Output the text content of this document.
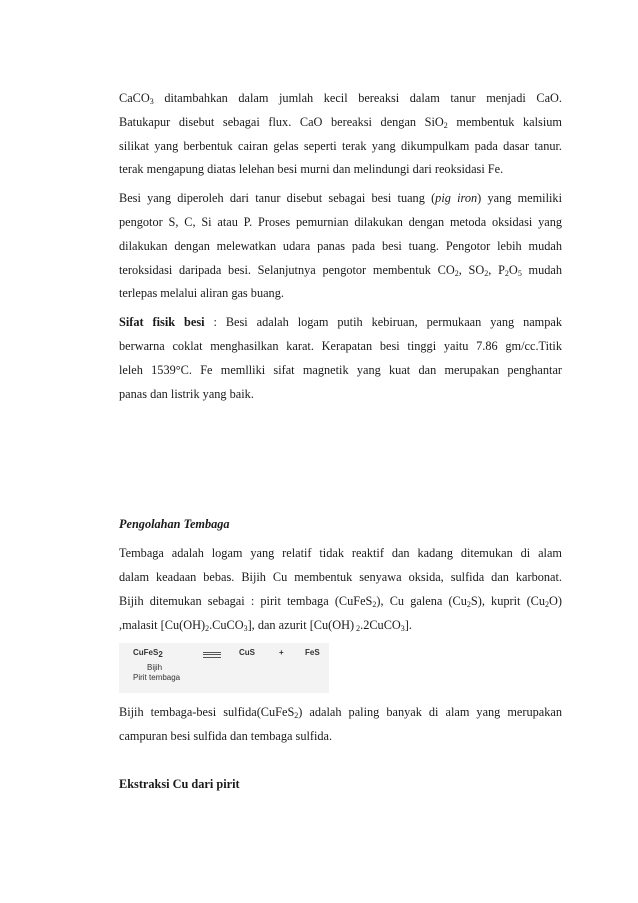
CaCO$_3$ ditambahkan dalam jumlah kecil bereaksi dalam tanur menjadi CaO.
Batukapur disebut sebagai flux. CaO bereaksi dengan SiO$_2$ membentuk kalsium
silikat yang berbentuk cairan gelas seperti terak yang dikumpulkam pada dasar tanur.
terak mengapung diatas lelehan besi murni dan melindungi dari reoksidasi Fe.

Besi yang diperoleh dari tanur disebut sebagai besi tuang (pig iron) yang memiliki
pengotor S, C, Si atau P. Proses pemurnian dilakukan dengan metoda oksidasi yang
dilakukan dengan melewatkan udara panas pada besi tuang. Pengotor lebih mudah
teroksidasi daripada besi. Selanjutnya pengotor membentuk $CO_2$, $SO_2$, $P_2O_5$ mudah
terlepas melalui aliran gas buang.

Sifat fisik besi : Besi adalah logam putih kebiruan, permukaan yang nampak
berwarna coklat menghasilkan karat. Kerapatan besi tinggi yaitu 7.86 gm/cc.Titik
leleh 1539°C. Fe memlliki sifat magnetik yang kuat dan merupakan penghantar
panas dan listrik yang baik.

Pengolahan Tembaga

Tembaga adalah logam yang relatif tidak reaktif dan kadang ditemukan di alam
dalam keadaan bebas. Bijih Cu membentuk senyawa oksida, sulfida dan karbonat.
Bijih ditemukan sebagai : pirit tembaga (CuFeS$_2$), Cu galena $(Cu_2S)$, kuprit $(Cu_2O)$
,malasit $[Cu(OH)_2.CuCO_3]$, dan azurit [Cu(OH) $_2$.2CuCO$_3$].

CuFeS$_2$	CuS	+	FeS
Bijih
Pirit tembaga

Bijih tembaga-besi sulfida(CuFeS$_2$) adalah paling banyak di alam yang merupakan
campuran besi sulfida dan tembaga sulfida.

Ekstraksi Cu dari pirit
